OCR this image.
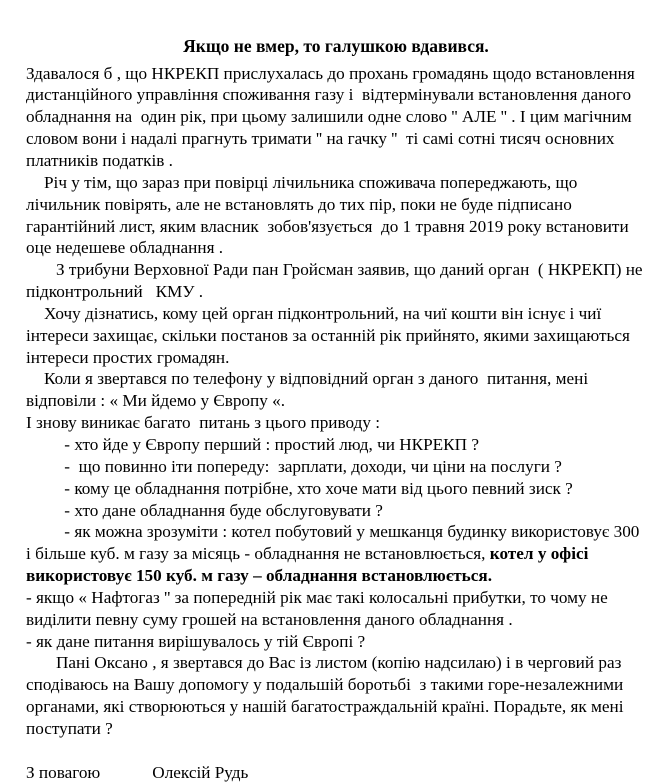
Якщо не вмер, то галушкою вдавився.

Здавалося б , що НКРЕКП прислухалась до прохань громадянь щодо встановлення дистанційного управління споживання газу і  відтермінували встановлення даного обладнання на  один рік, при цьому залишили одне слово '' АЛЕ '' . І цим магічним словом вони і надалі прагнуть тримати '' на гачку ''  ті самі сотні тисяч основних платників податків .

Річ у тім, що зараз при повірці лічильника споживача попереджають, що лічильник повірять, але не встановлять до тих пір, поки не буде підписано гарантійний лист, яким власник  зобов'язується  до 1 травня 2019 року встановити оце недешеве обладнання .

З трибуни Верховної Ради пан Гройсман заявив, що даний орган  ( НКРЕКП) не підконтрольний   КМУ .

Хочу дізнатись, кому цей орган підконтрольний, на чиї кошти він існує і чиї інтереси захищає, скільки постанов за останній рік прийнято, якими захищаються інтереси простих громадян.

Коли я звертався по телефону у відповідний орган з даного  питання, мені відповіли : « Ми йдемо у Європу «.

І знову виникає багато  питань з цього приводу :

- хто йде у Європу перший : простий люд, чи НКРЕКП ?

-  що повинно іти попереду:  зарплати, доходи, чи ціни на послуги ?

- кому це обладнання потрібне, хто хоче мати від цього певний зиск ?

- хто дане обладнання буде обслуговувати ?

- як можна зрозуміти : котел побутовий у мешканця будинку використовує 300 і більше куб. м газу за місяць - обладнання не встановлюється, котел у офісі використовує 150 куб. м газу – обладнання встановлюється.

- якщо « Нафтогаз '' за попередній рік має такі колосальні прибутки, то чому не виділити певну суму грошей на встановлення даного обладнання .

- як дане питання вирішувалось у тій Європі ?

Пані Оксано , я звертався до Вас із листом (копію надсилаю) і в черговий раз сподіваюсь на Вашу допомогу у подальшій боротьбі  з такими горе-незалежними органами, які створюються у нашій багатостраждальній країні. Порадьте, як мені поступати ?

З повагою	Олексій Рудь
